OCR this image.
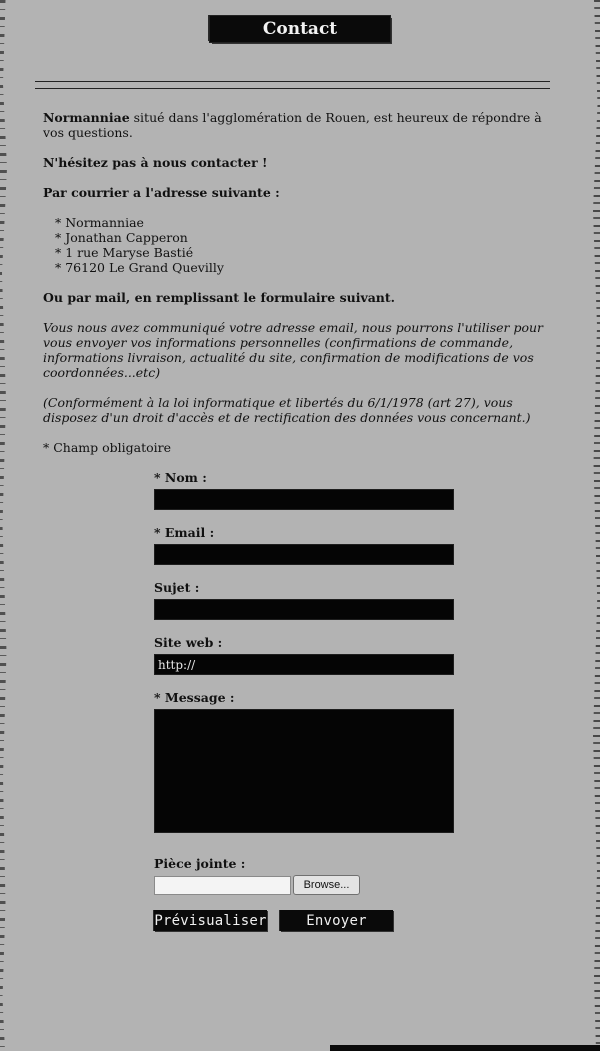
Contact

Normanniae situé dans l'agglomération de Rouen, est heureux de répondre à vos questions.

N'hésitez pas à nous contacter !

Par courrier a l'adresse suivante :

* Normanniae
* Jonathan Capperon
* 1 rue Maryse Bastié
* 76120 Le Grand Quevilly

Ou par mail, en remplissant le formulaire suivant.

Vous nous avez communiqué votre adresse email, nous pourrons l'utiliser pour vous envoyer vos informations personnelles (confirmations de commande, informations livraison, actualité du site, confirmation de modifications de vos coordonnées...etc)

(Conformément à la loi informatique et libertés du 6/1/1978 (art 27), vous disposez d'un droit d'accès et de rectification des données vous concernant.)

* Champ obligatoire

* Nom :
* Email :
Sujet :
Site web :
http://
* Message :
Pièce jointe :
Browse...
Prévisualiser	Envoyer
